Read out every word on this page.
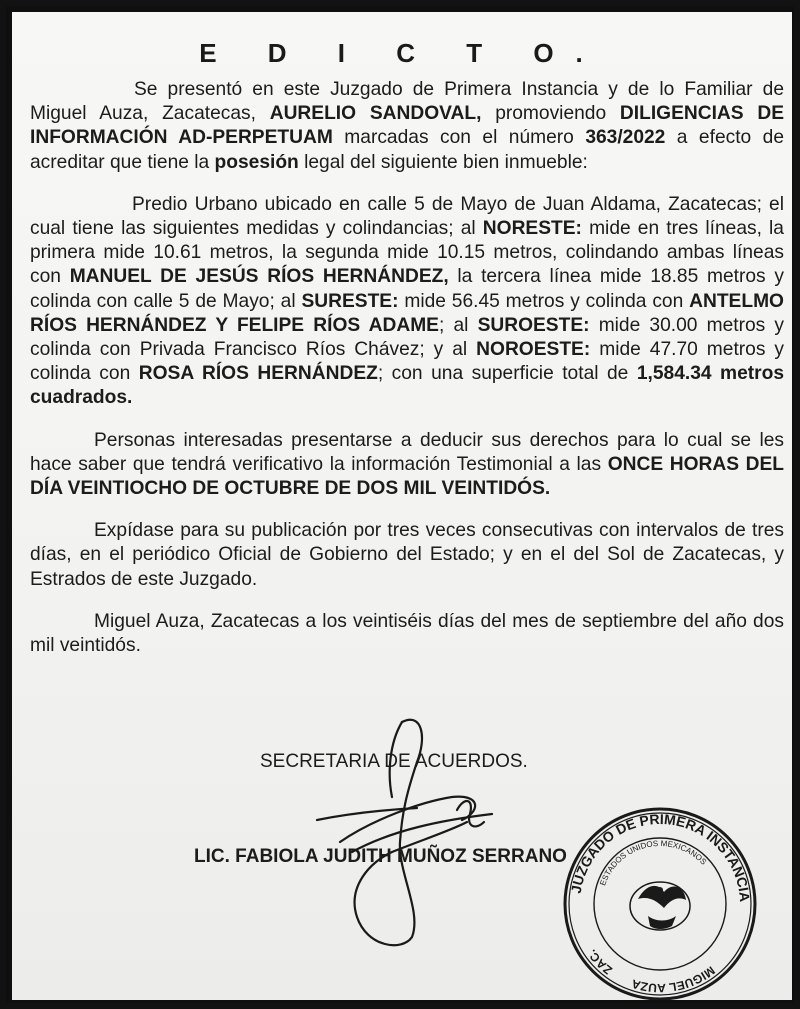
E D I C T O.

Se presentó en este Juzgado de Primera Instancia y de lo Familiar de Miguel Auza, Zacatecas, AURELIO SANDOVAL, promoviendo DILIGENCIAS DE INFORMACIÓN AD-PERPETUAM marcadas con el número 363/2022 a efecto de acreditar que tiene la posesión legal del siguiente bien inmueble:

Predio Urbano ubicado en calle 5 de Mayo de Juan Aldama, Zacatecas; el cual tiene las siguientes medidas y colindancias; al NORESTE: mide en tres líneas, la primera mide 10.61 metros, la segunda mide 10.15 metros, colindando ambas líneas con MANUEL DE JESÚS RÍOS HERNÁNDEZ, la tercera línea mide 18.85 metros y colinda con calle 5 de Mayo; al SURESTE: mide 56.45 metros y colinda con ANTELMO RÍOS HERNÁNDEZ Y FELIPE RÍOS ADAME; al SUROESTE: mide 30.00 metros y colinda con Privada Francisco Ríos Chávez; y al NOROESTE: mide 47.70 metros y colinda con ROSA RÍOS HERNÁNDEZ; con una superficie total de 1,584.34 metros cuadrados.

Personas interesadas presentarse a deducir sus derechos para lo cual se les hace saber que tendrá verificativo la información Testimonial a las ONCE HORAS DEL DÍA VEINTIOCHO DE OCTUBRE DE DOS MIL VEINTIDÓS.

Expídase para su publicación por tres veces consecutivas con intervalos de tres días, en el periódico Oficial de Gobierno del Estado; y en el del Sol de Zacatecas, y Estrados de este Juzgado.

Miguel Auza, Zacatecas a los veintiséis días del mes de septiembre del año dos mil veintidós.

SECRETARIA DE ACUERDOS.
LIC. FABIOLA JUDITH MUÑOZ SERRANO
JUZGADO DE PRIMERA INSTANCIA
MIGUEL AUZA
ZAC.
ESTADOS UNIDOS MEXICANOS
